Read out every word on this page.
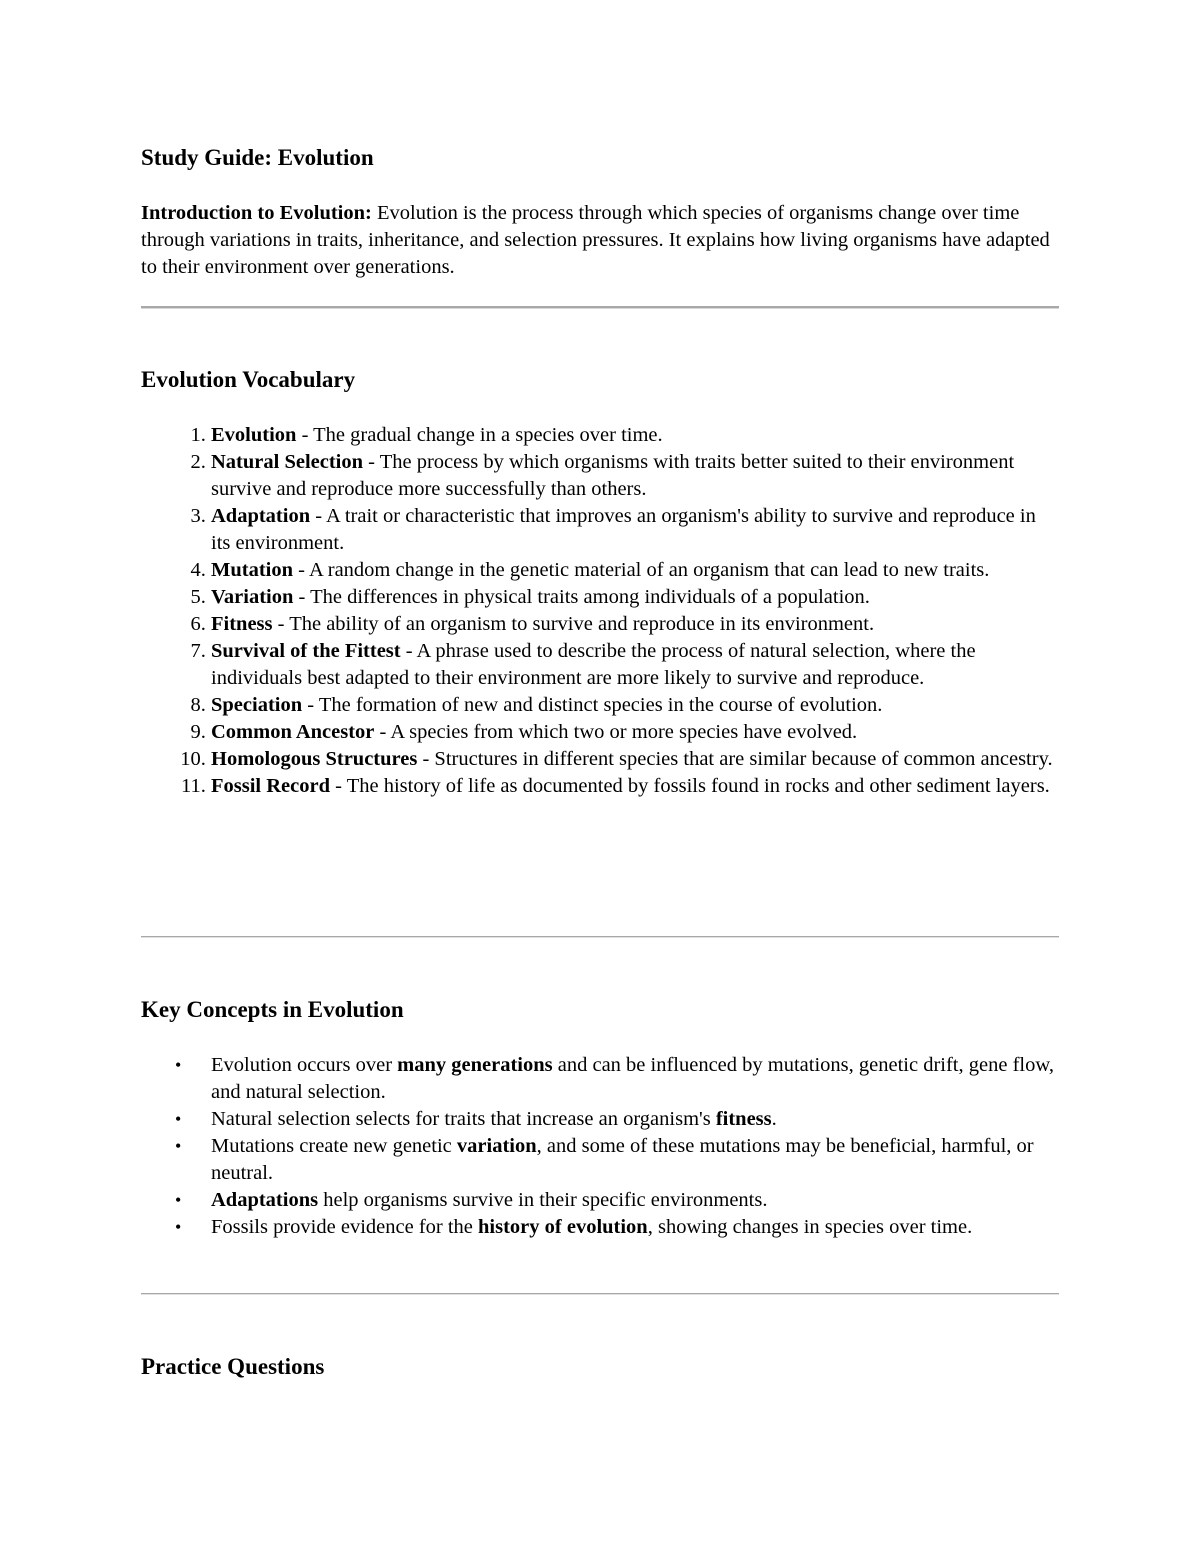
Study Guide: Evolution

Introduction to Evolution: Evolution is the process through which species of organisms change over time through variations in traits, inheritance, and selection pressures. It explains how living organisms have adapted to their environment over generations.

Evolution Vocabulary
1. Evolution - The gradual change in a species over time.
2. Natural Selection - The process by which organisms with traits better suited to their environment survive and reproduce more successfully than others.
3. Adaptation - A trait or characteristic that improves an organism's ability to survive and reproduce in its environment.
4. Mutation - A random change in the genetic material of an organism that can lead to new traits.
5. Variation - The differences in physical traits among individuals of a population.
6. Fitness - The ability of an organism to survive and reproduce in its environment.
7. Survival of the Fittest - A phrase used to describe the process of natural selection, where the individuals best adapted to their environment are more likely to survive and reproduce.
8. Speciation - The formation of new and distinct species in the course of evolution.
9. Common Ancestor - A species from which two or more species have evolved.
10. Homologous Structures - Structures in different species that are similar because of common ancestry.
11. Fossil Record - The history of life as documented by fossils found in rocks and other sediment layers.
Key Concepts in Evolution
• Evolution occurs over many generations and can be influenced by mutations, genetic drift, gene flow, and natural selection.
• Natural selection selects for traits that increase an organism's fitness.
• Mutations create new genetic variation, and some of these mutations may be beneficial, harmful, or neutral.
• Adaptations help organisms survive in their specific environments.
• Fossils provide evidence for the history of evolution, showing changes in species over time.
Practice Questions
